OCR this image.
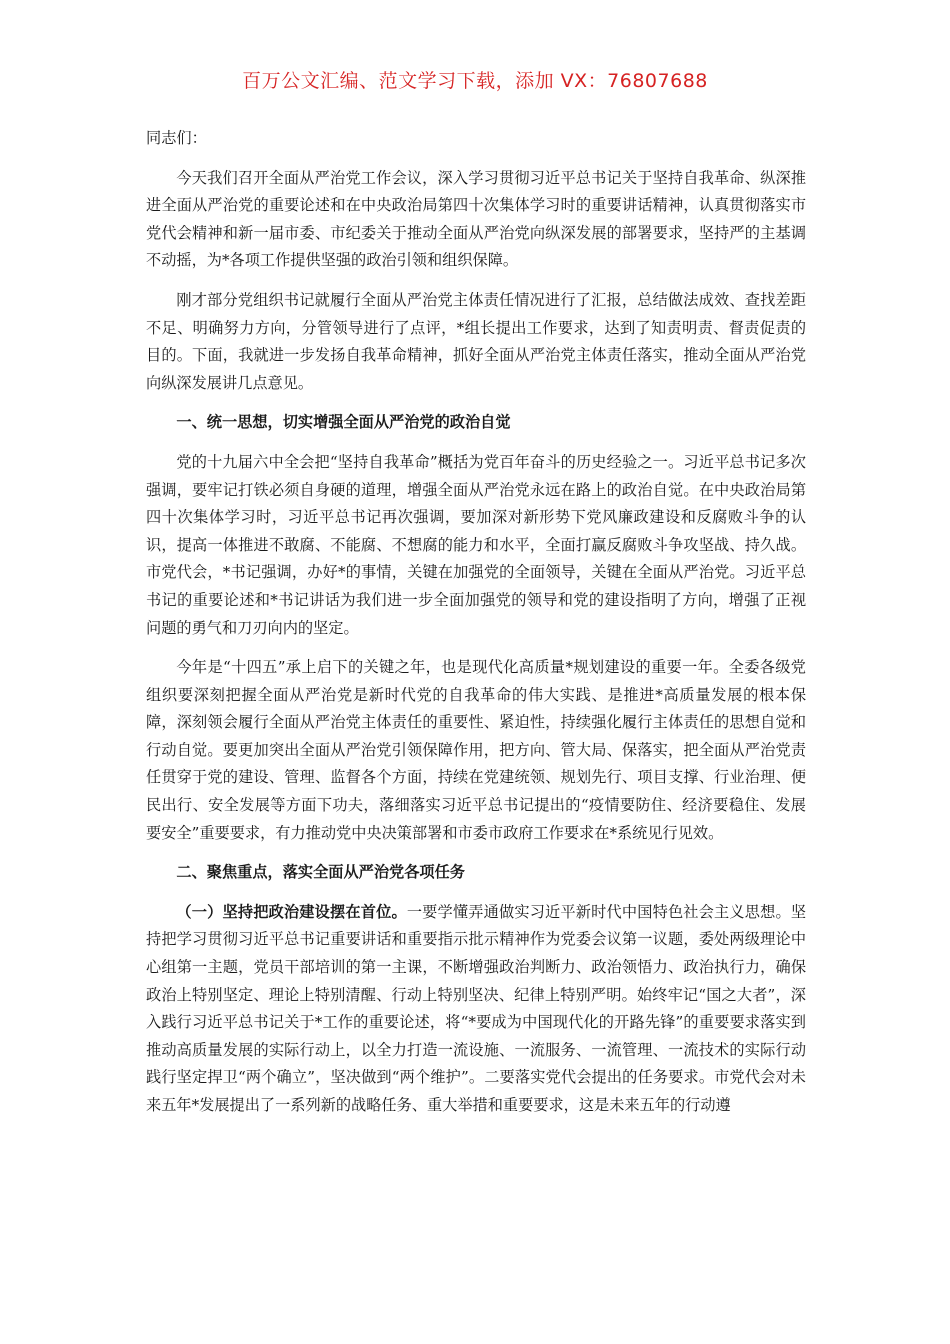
百万公文汇编、范文学习下载，添加 VX：76807688

同志们：

今天我们召开全面从严治党工作会议，深入学习贯彻习近平总书记关于坚持自我革命、纵深推进全面从严治党的重要论述和在中央政治局第四十次集体学习时的重要讲话精神，认真贯彻落实市党代会精神和新一届市委、市纪委关于推动全面从严治党向纵深发展的部署要求，坚持严的主基调不动摇，为*各项工作提供坚强的政治引领和组织保障。

刚才部分党组织书记就履行全面从严治党主体责任情况进行了汇报，总结做法成效、查找差距不足、明确努力方向，分管领导进行了点评，*组长提出工作要求，达到了知责明责、督责促责的目的。下面，我就进一步发扬自我革命精神，抓好全面从严治党主体责任落实，推动全面从严治党向纵深发展讲几点意见。

一、统一思想，切实增强全面从严治党的政治自觉

党的十九届六中全会把“坚持自我革命”概括为党百年奋斗的历史经验之一。习近平总书记多次强调，要牢记打铁必须自身硬的道理，增强全面从严治党永远在路上的政治自觉。在中央政治局第四十次集体学习时，习近平总书记再次强调，要加深对新形势下党风廉政建设和反腐败斗争的认识，提高一体推进不敢腐、不能腐、不想腐的能力和水平，全面打赢反腐败斗争攻坚战、持久战。市党代会，*书记强调，办好*的事情，关键在加强党的全面领导，关键在全面从严治党。习近平总书记的重要论述和*书记讲话为我们进一步全面加强党的领导和党的建设指明了方向，增强了正视问题的勇气和刀刃向内的坚定。

今年是“十四五”承上启下的关键之年，也是现代化高质量*规划建设的重要一年。全委各级党组织要深刻把握全面从严治党是新时代党的自我革命的伟大实践、是推进*高质量发展的根本保障，深刻领会履行全面从严治党主体责任的重要性、紧迫性，持续强化履行主体责任的思想自觉和行动自觉。要更加突出全面从严治党引领保障作用，把方向、管大局、保落实，把全面从严治党责任贯穿于党的建设、管理、监督各个方面，持续在党建统领、规划先行、项目支撑、行业治理、便民出行、安全发展等方面下功夫，落细落实习近平总书记提出的“疫情要防住、经济要稳住、发展要安全”重要要求，有力推动党中央决策部署和市委市政府工作要求在*系统见行见效。

二、聚焦重点，落实全面从严治党各项任务

（一）坚持把政治建设摆在首位。一要学懂弄通做实习近平新时代中国特色社会主义思想。坚持把学习贯彻习近平总书记重要讲话和重要指示批示精神作为党委会议第一议题，委处两级理论中心组第一主题，党员干部培训的第一主课，不断增强政治判断力、政治领悟力、政治执行力，确保政治上特别坚定、理论上特别清醒、行动上特别坚决、纪律上特别严明。始终牢记“国之大者”，深入践行习近平总书记关于*工作的重要论述，将“*要成为中国现代化的开路先锋”的重要要求落实到推动高质量发展的实际行动上，以全力打造一流设施、一流服务、一流管理、一流技术的实际行动践行坚定捍卫“两个确立”，坚决做到“两个维护”。二要落实党代会提出的任务要求。市党代会对未来五年*发展提出了一系列新的战略任务、重大举措和重要要求，这是未来五年的行动遵
